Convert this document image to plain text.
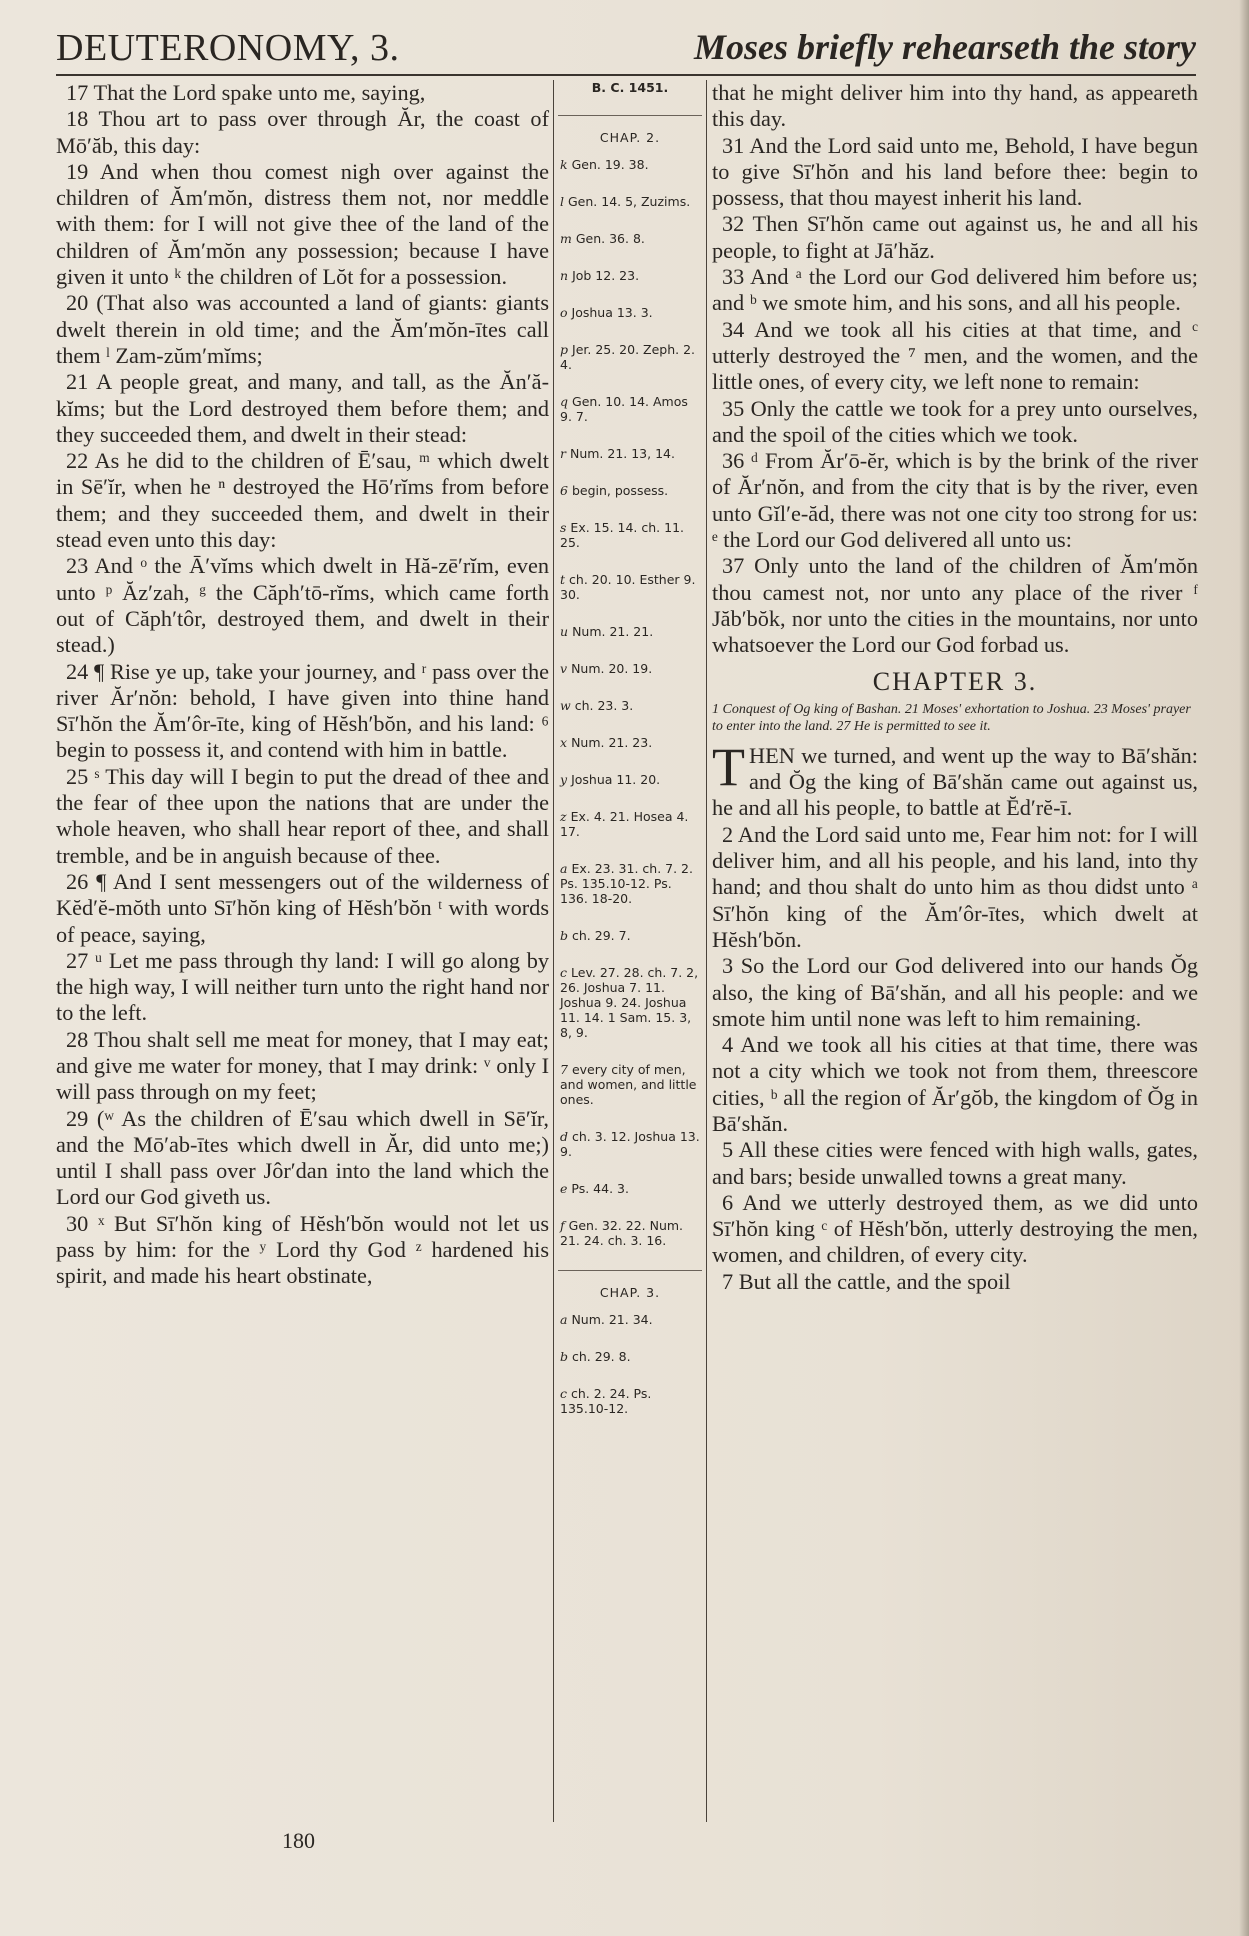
DEUTERONOMY, 3.	Moses briefly rehearseth the story

17 That the Lord spake unto me, saying,

18 Thou art to pass over through Ăr, the coast of Mō′ăb, this day:

19 And when thou comest nigh over against the children of Ăm′mŏn, distress them not, nor meddle with them: for I will not give thee of the land of the children of Ăm′mŏn any possession; because I have given it unto ᵏ the children of Lŏt for a possession.

20 (That also was accounted a land of giants: giants dwelt therein in old time; and the Ăm′mŏn-ītes call them ˡ Zam-zŭm′mĭms;

21 A people great, and many, and tall, as the Ăn′ă-kĭms; but the Lord destroyed them before them; and they succeeded them, and dwelt in their stead:

22 As he did to the children of Ē′sau, ᵐ which dwelt in Sē′ĭr, when he ⁿ destroyed the Hō′rĭms from before them; and they succeeded them, and dwelt in their stead even unto this day:

23 And ᵒ the Ā′vĭms which dwelt in Hă-zē′rĭm, even unto ᵖ Ăz′zah, ᵍ the Căph′tō-rĭms, which came forth out of Căph′tôr, destroyed them, and dwelt in their stead.)

24 ¶ Rise ye up, take your journey, and ʳ pass over the river Ăr′nŏn: behold, I have given into thine hand Sī′hŏn the Ăm′ôr-īte, king of Hĕsh′bŏn, and his land: ⁶ begin to possess it, and contend with him in battle.

25 ˢ This day will I begin to put the dread of thee and the fear of thee upon the nations that are under the whole heaven, who shall hear report of thee, and shall tremble, and be in anguish because of thee.

26 ¶ And I sent messengers out of the wilderness of Kĕd′ĕ-mŏth unto Sī′hŏn king of Hĕsh′bŏn ᵗ with words of peace, saying,

27 ᵘ Let me pass through thy land: I will go along by the high way, I will neither turn unto the right hand nor to the left.

28 Thou shalt sell me meat for money, that I may eat; and give me water for money, that I may drink: ᵛ only I will pass through on my feet;

29 (ʷ As the children of Ē′sau which dwell in Sē′ĭr, and the Mō′ab-ītes which dwell in Ăr, did unto me;) until I shall pass over Jôr′dan into the land which the Lord our God giveth us.

30 ˣ But Sī′hŏn king of Hĕsh′bŏn would not let us pass by him: for the ʸ Lord thy God ᶻ hardened his spirit, and made his heart obstinate,

B. C. 1451.
CHAP. 2.
k Gen. 19. 38.
l Gen. 14. 5, Zuzims.
m Gen. 36. 8.
n Job 12. 23.
o Joshua 13. 3.
p Jer. 25. 20. Zeph. 2. 4.
q Gen. 10. 14. Amos 9. 7.
r Num. 21. 13, 14.
6 begin, possess.
s Ex. 15. 14. ch. 11. 25.
t ch. 20. 10. Esther 9. 30.
u Num. 21. 21.
v Num. 20. 19.
w ch. 23. 3.
x Num. 21. 23.
y Joshua 11. 20.
z Ex. 4. 21. Hosea 4. 17.
a Ex. 23. 31. ch. 7. 2. Ps. 135.10-12. Ps. 136. 18-20.
b ch. 29. 7.
c Lev. 27. 28. ch. 7. 2, 26. Joshua 7. 11. Joshua 9. 24. Joshua 11. 14. 1 Sam. 15. 3, 8, 9.
7 every city of men, and women, and little ones.
d ch. 3. 12. Joshua 13. 9.
e Ps. 44. 3.
f Gen. 32. 22. Num. 21. 24. ch. 3. 16.
CHAP. 3.
a Num. 21. 34.
b ch. 29. 8.
c ch. 2. 24. Ps. 135.10-12.

that he might deliver him into thy hand, as appeareth this day.

31 And the Lord said unto me, Behold, I have begun to give Sī′hŏn and his land before thee: begin to possess, that thou mayest inherit his land.

32 Then Sī′hŏn came out against us, he and all his people, to fight at Jā′hăz.

33 And ᵃ the Lord our God delivered him before us; and ᵇ we smote him, and his sons, and all his people.

34 And we took all his cities at that time, and ᶜ utterly destroyed the ⁷ men, and the women, and the little ones, of every city, we left none to remain:

35 Only the cattle we took for a prey unto ourselves, and the spoil of the cities which we took.

36 ᵈ From Ăr′ō-ĕr, which is by the brink of the river of Ăr′nŏn, and from the city that is by the river, even unto Gĭl′e-ăd, there was not one city too strong for us: ᵉ the Lord our God delivered all unto us:

37 Only unto the land of the children of Ăm′mŏn thou camest not, nor unto any place of the river ᶠ Jăb′bŏk, nor unto the cities in the mountains, nor unto whatsoever the Lord our God forbad us.

CHAPTER 3.
1 Conquest of Og king of Bashan. 21 Moses' exhortation to Joshua. 23 Moses' prayer to enter into the land. 27 He is permitted to see it.

THEN we turned, and went up the way to Bā′shăn: and Ŏg the king of Bā′shăn came out against us, he and all his people, to battle at Ĕd′rĕ-ī.

2 And the Lord said unto me, Fear him not: for I will deliver him, and all his people, and his land, into thy hand; and thou shalt do unto him as thou didst unto ᵃ Sī′hŏn king of the Ăm′ôr-ītes, which dwelt at Hĕsh′bŏn.

3 So the Lord our God delivered into our hands Ŏg also, the king of Bā′shăn, and all his people: and we smote him until none was left to him remaining.

4 And we took all his cities at that time, there was not a city which we took not from them, threescore cities, ᵇ all the region of Ăr′gŏb, the kingdom of Ŏg in Bā′shăn.

5 All these cities were fenced with high walls, gates, and bars; beside unwalled towns a great many.

6 And we utterly destroyed them, as we did unto Sī′hŏn king ᶜ of Hĕsh′bŏn, utterly destroying the men, women, and children, of every city.

7 But all the cattle, and the spoil

180
